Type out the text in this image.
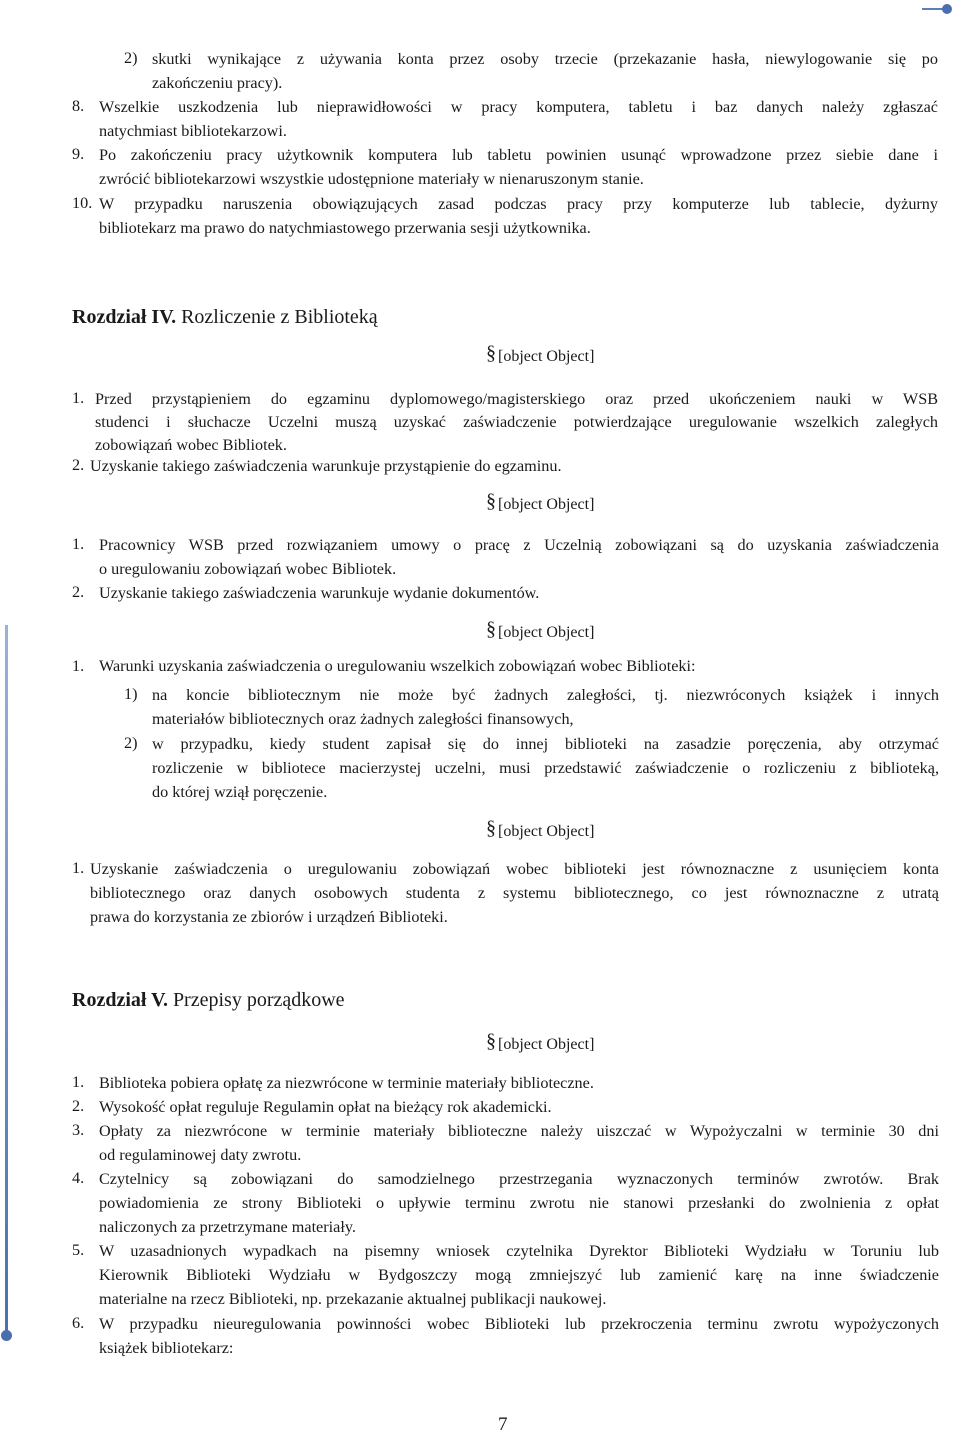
2) skutki wynikające z używania konta przez osoby trzecie (przekazanie hasła, niewylogowanie się po
zakończeniu pracy).
8. Wszelkie uszkodzenia lub nieprawidłowości w pracy komputera, tabletu i baz danych należy zgłaszać
natychmiast bibliotekarzowi.
9. Po zakończeniu pracy użytkownik komputera lub tabletu powinien usunąć wprowadzone przez siebie dane i
zwrócić bibliotekarzowi wszystkie udostępnione materiały w nienaruszonym stanie.
10. W przypadku naruszenia obowiązujących zasad podczas pracy przy komputerze lub tablecie, dyżurny
bibliotekarz ma prawo do natychmiastowego przerwania sesji użytkownika.
Rozdział IV. Rozliczenie z Biblioteką
§ [object Object]
1. Przed przystąpieniem do egzaminu dyplomowego/magisterskiego oraz przed ukończeniem nauki w WSB
studenci i słuchacze Uczelni muszą uzyskać zaświadczenie potwierdzające uregulowanie wszelkich zaległych
zobowiązań wobec Bibliotek.
2. Uzyskanie takiego zaświadczenia warunkuje przystąpienie do egzaminu.
§ [object Object]
1. Pracownicy WSB przed rozwiązaniem umowy o pracę z Uczelnią zobowiązani są do uzyskania zaświadczenia
o uregulowaniu zobowiązań wobec Bibliotek.
2. Uzyskanie takiego zaświadczenia warunkuje wydanie dokumentów.
§ [object Object]
1. Warunki uzyskania zaświadczenia o uregulowaniu wszelkich zobowiązań wobec Biblioteki:
1) na koncie bibliotecznym nie może być żadnych zaległości, tj. niezwróconych książek i innych
materiałów bibliotecznych oraz żadnych zaległości finansowych,
2) w przypadku, kiedy student zapisał się do innej biblioteki na zasadzie poręczenia, aby otrzymać
rozliczenie w bibliotece macierzystej uczelni, musi przedstawić zaświadczenie o rozliczeniu z biblioteką,
do której wziął poręczenie.
§ [object Object]
1. Uzyskanie zaświadczenia o uregulowaniu zobowiązań wobec biblioteki jest równoznaczne z usunięciem konta
bibliotecznego oraz danych osobowych studenta z systemu bibliotecznego, co jest równoznaczne z utratą
prawa do korzystania ze zbiorów i urządzeń Biblioteki.
Rozdział V. Przepisy porządkowe
§ [object Object]
1. Biblioteka pobiera opłatę za niezwrócone w terminie materiały biblioteczne.
2. Wysokość opłat reguluje Regulamin opłat na bieżący rok akademicki.
3. Opłaty za niezwrócone w terminie materiały biblioteczne należy uiszczać w Wypożyczalni w terminie 30 dni
od regulaminowej daty zwrotu.
4. Czytelnicy są zobowiązani do samodzielnego przestrzegania wyznaczonych terminów zwrotów. Brak
powiadomienia ze strony Biblioteki o upływie terminu zwrotu nie stanowi przesłanki do zwolnienia z opłat
naliczonych za przetrzymane materiały.
5. W uzasadnionych wypadkach na pisemny wniosek czytelnika Dyrektor Biblioteki Wydziału w Toruniu lub
Kierownik Biblioteki Wydziału w Bydgoszczy mogą zmniejszyć lub zamienić karę na inne świadczenie
materialne na rzecz Biblioteki, np. przekazanie aktualnej publikacji naukowej.
6. W przypadku nieuregulowania powinności wobec Biblioteki lub przekroczenia terminu zwrotu wypożyczonych
książek bibliotekarz:
7
